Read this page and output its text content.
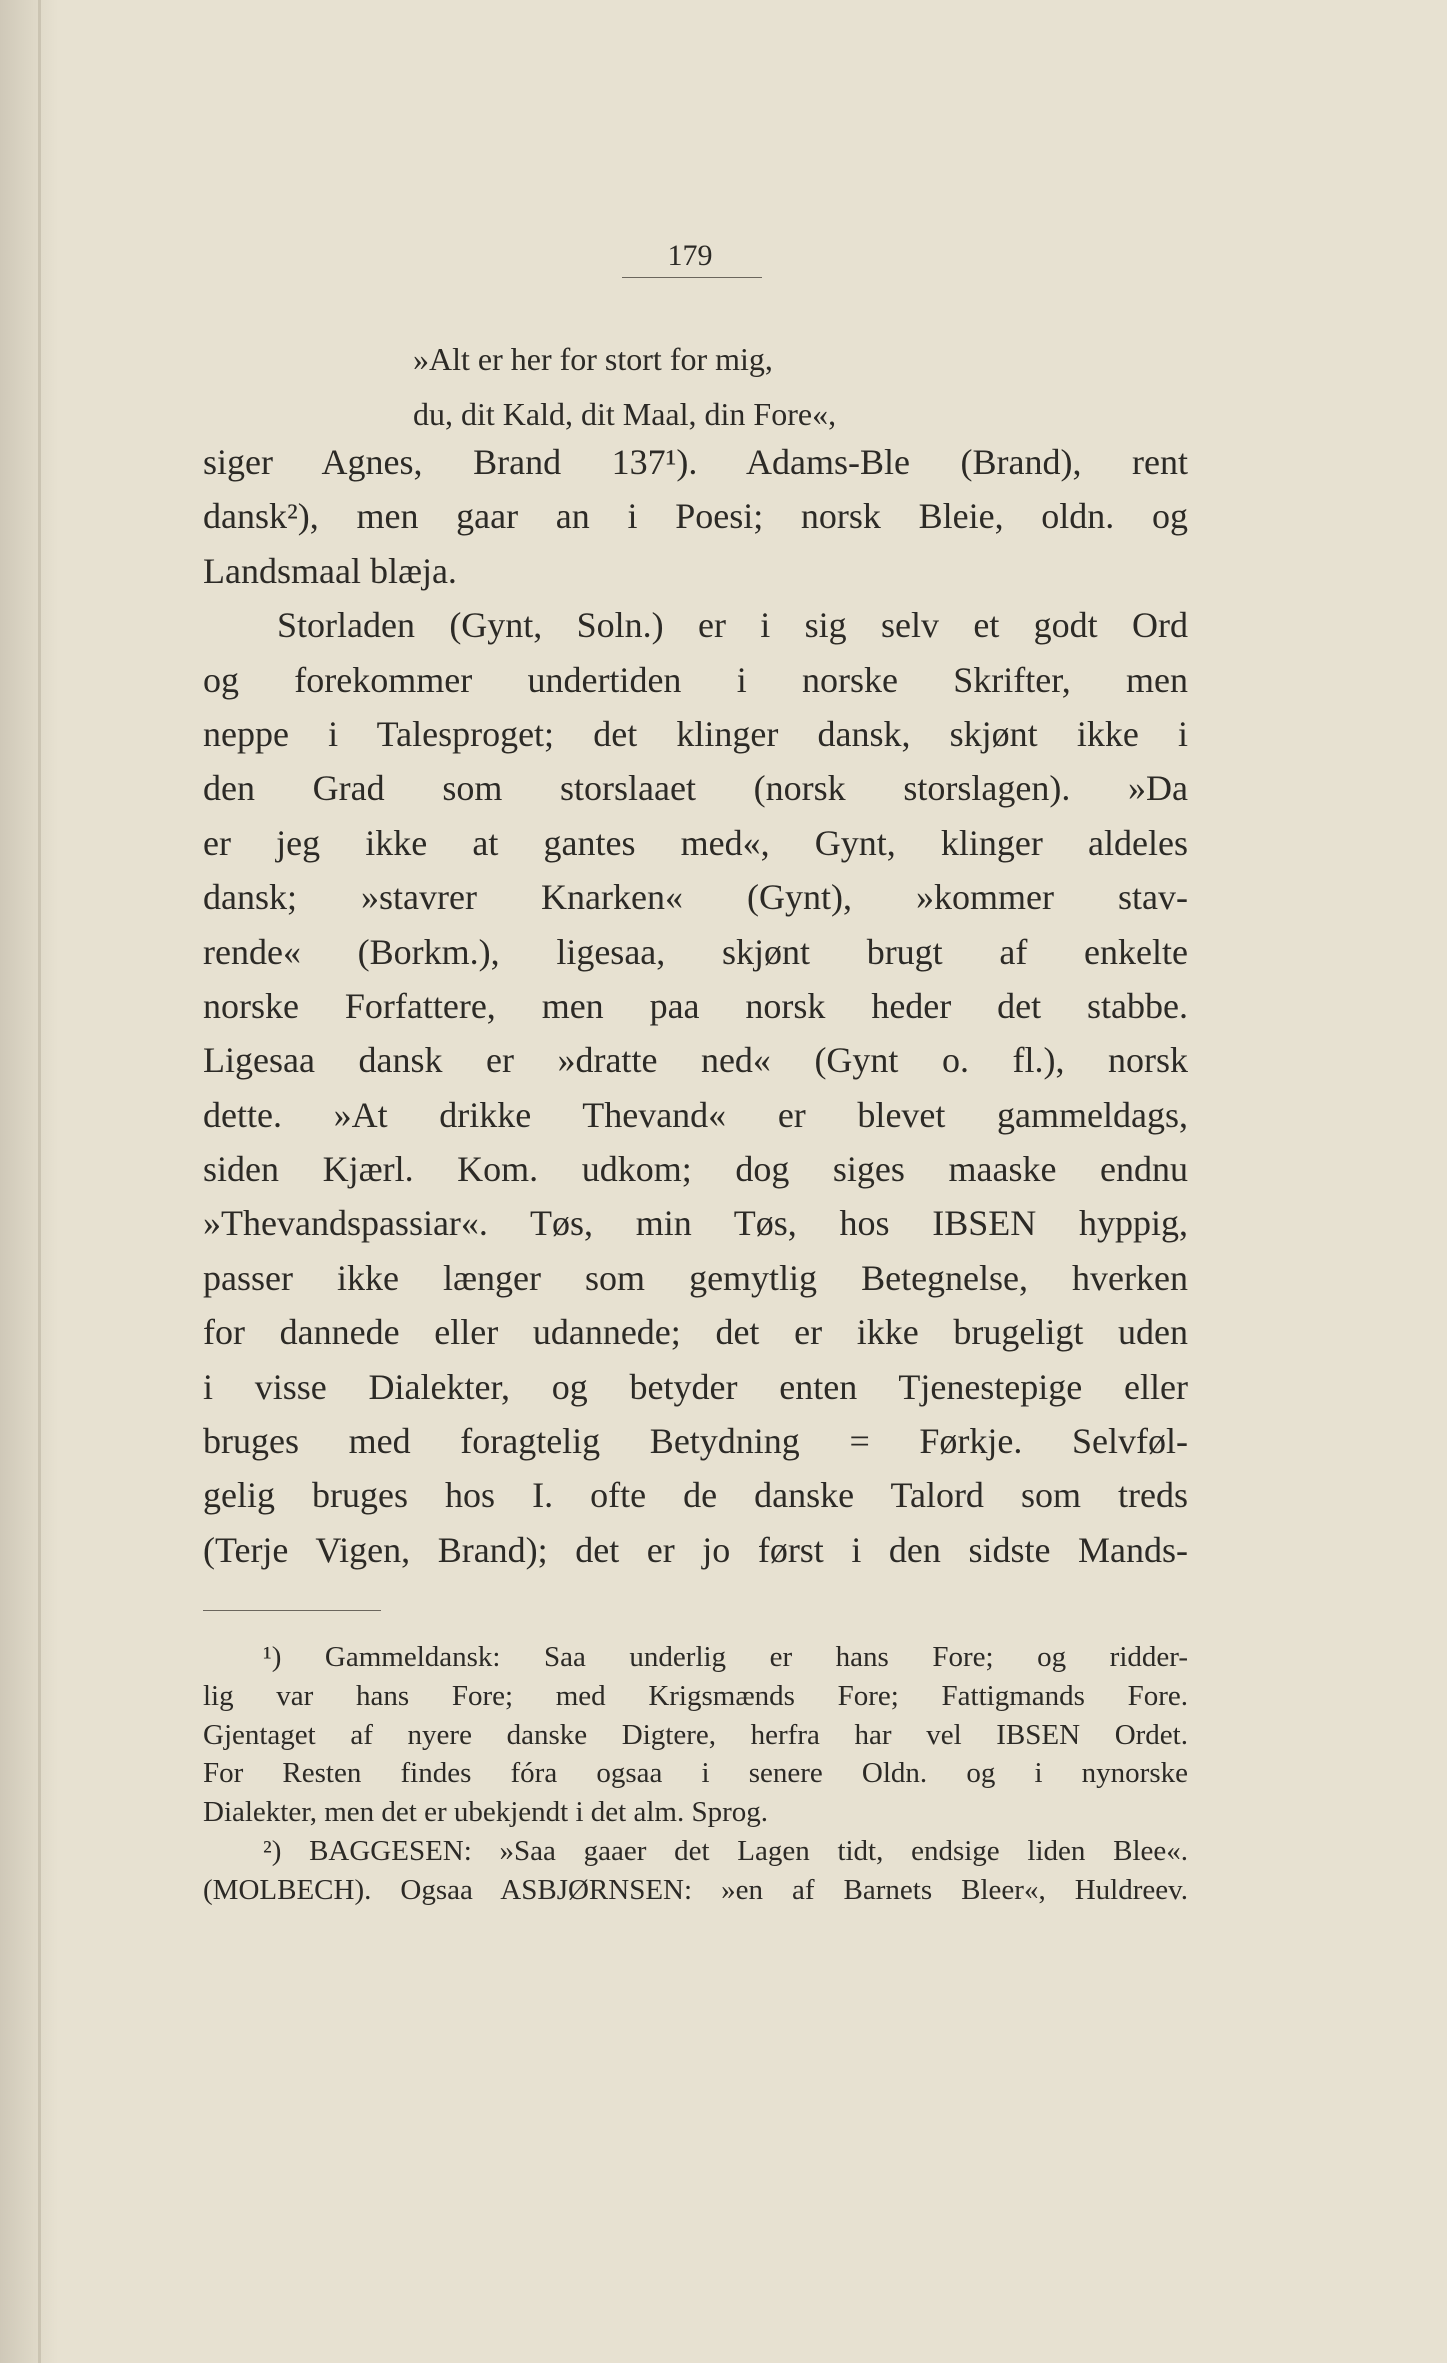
179
»Alt er her for stort for mig,
du, dit Kald, dit Maal, din Fore«,
siger Agnes, Brand 137¹). Adams-Ble (Brand), rent
dansk²), men gaar an i Poesi; norsk Bleie, oldn. og
Landsmaal blæja.
Storladen (Gynt, Soln.) er i sig selv et godt Ord
og forekommer undertiden i norske Skrifter, men
neppe i Talesproget; det klinger dansk, skjønt ikke i
den Grad som storslaaet (norsk storslagen). »Da
er jeg ikke at gantes med«, Gynt, klinger aldeles
dansk; »stavrer Knarken« (Gynt), »kommer stav-
rende« (Borkm.), ligesaa, skjønt brugt af enkelte
norske Forfattere, men paa norsk heder det stabbe.
Ligesaa dansk er »dratte ned« (Gynt o. fl.), norsk
dette. »At drikke Thevand« er blevet gammeldags,
siden Kjærl. Kom. udkom; dog siges maaske endnu
»Thevandspassiar«. Tøs, min Tøs, hos IBSEN hyppig,
passer ikke længer som gemytlig Betegnelse, hverken
for dannede eller udannede; det er ikke brugeligt uden
i visse Dialekter, og betyder enten Tjenestepige eller
bruges med foragtelig Betydning = Førkje. Selvføl-
gelig bruges hos I. ofte de danske Talord som treds
(Terje Vigen, Brand); det er jo først i den sidste Mands-
¹) Gammeldansk: Saa underlig er hans Fore; og ridder-
lig var hans Fore; med Krigsmænds Fore; Fattigmands Fore.
Gjentaget af nyere danske Digtere, herfra har vel IBSEN Ordet.
For Resten findes fóra ogsaa i senere Oldn. og i nynorske
Dialekter, men det er ubekjendt i det alm. Sprog.
²) BAGGESEN: »Saa gaaer det Lagen tidt, endsige liden Blee«.
(MOLBECH). Ogsaa ASBJØRNSEN: »en af Barnets Bleer«, Huldreev.
